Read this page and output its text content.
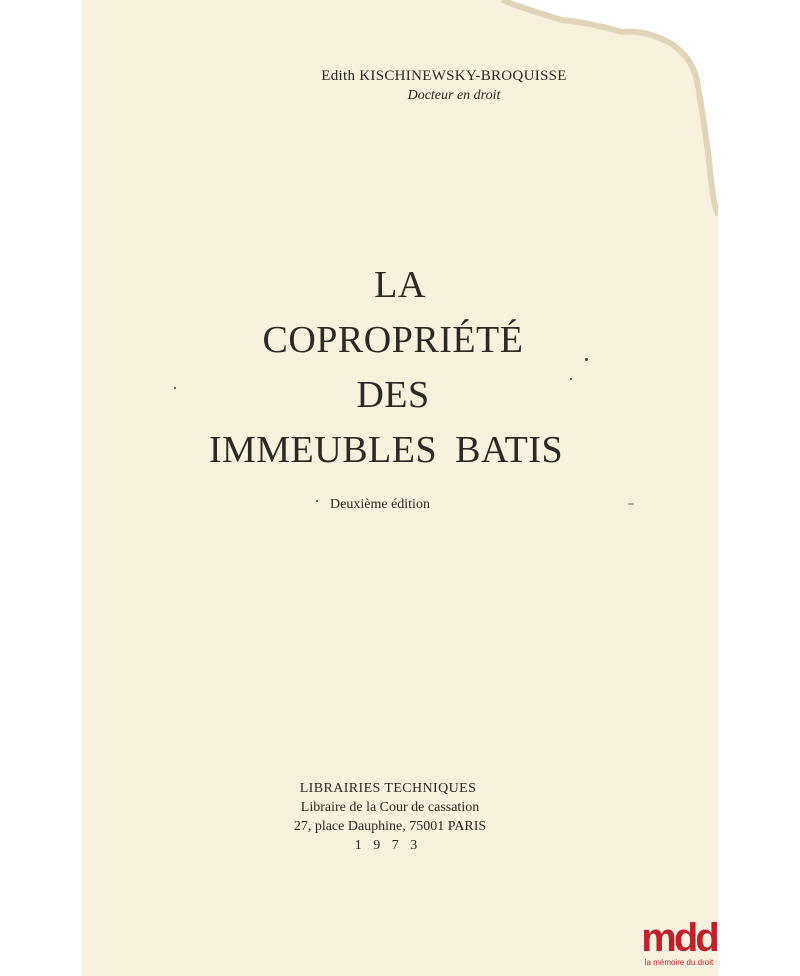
Edith KISCHINEWSKY-BROQUISSE
Docteur en droit
LA
COPROPRIÉTÉ
DES
IMMEUBLES BATIS
Deuxième édition
LIBRAIRIES TECHNIQUES
Libraire de la Cour de cassation
27, place Dauphine, 75001 PARIS
1 9 7 3
mdd
la mémoire du droit
